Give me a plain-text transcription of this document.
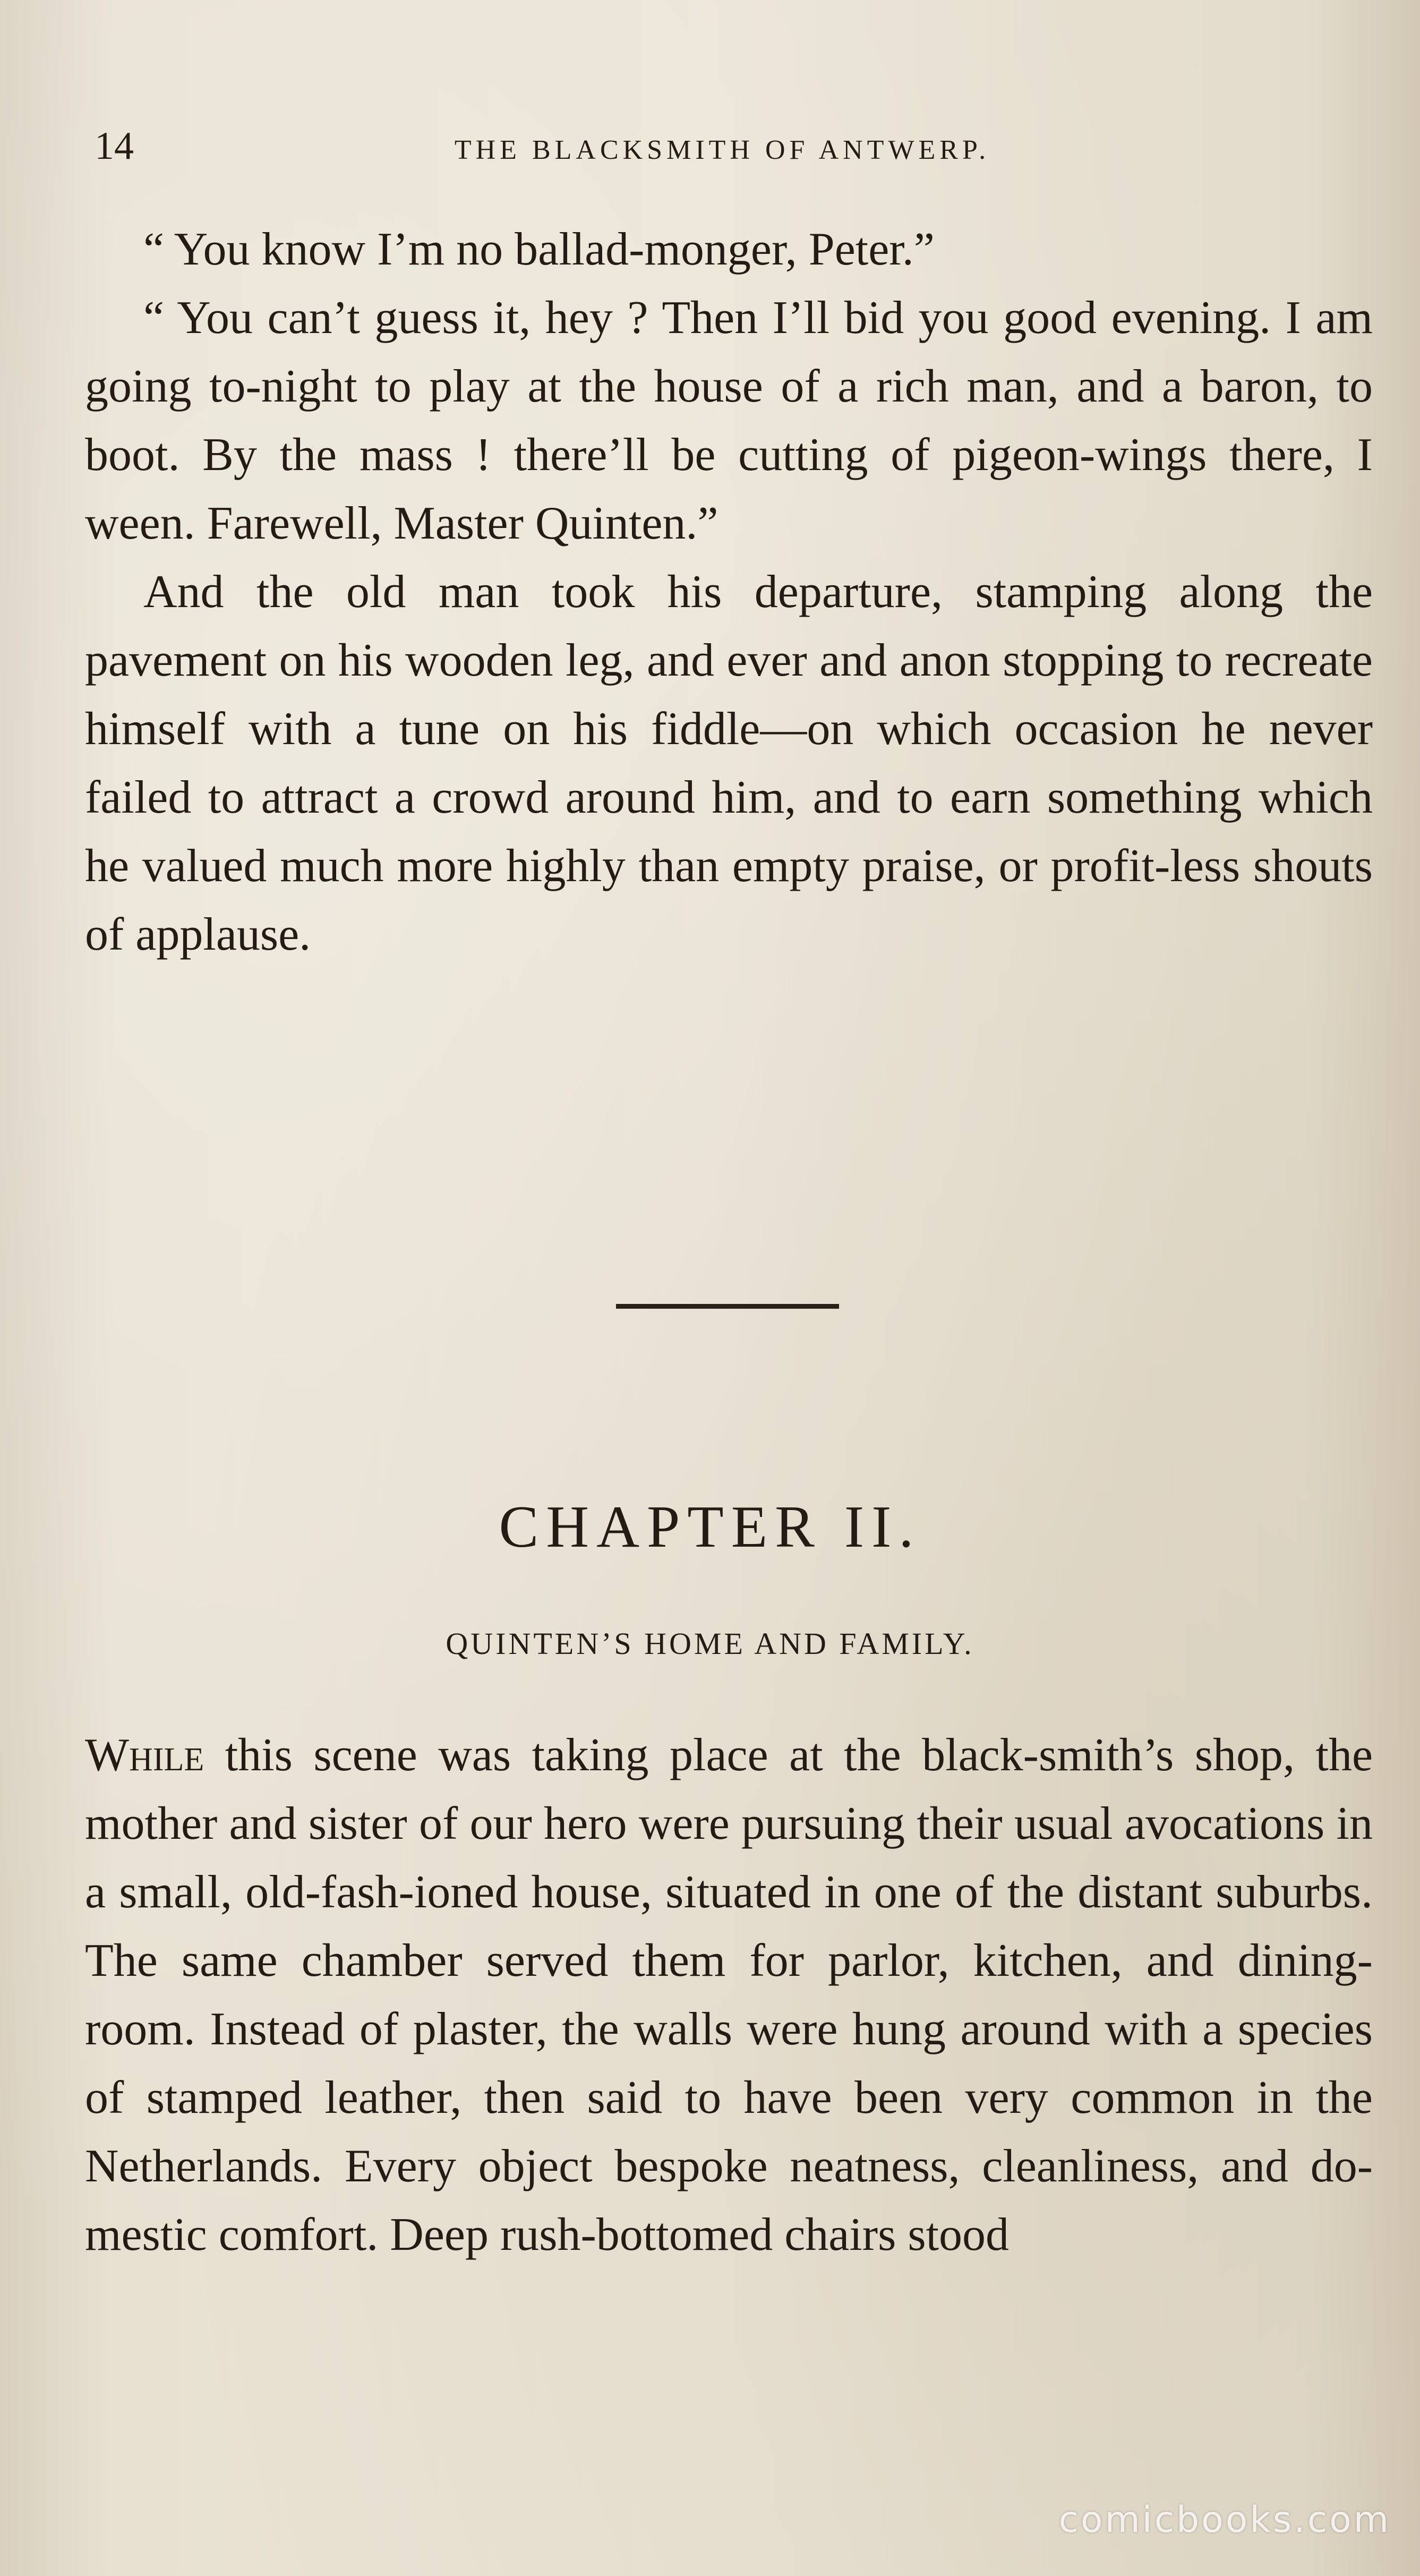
14	THE BLACKSMITH OF ANTWERP.

“ You know I’m no ballad-monger, Peter.”

“ You can’t guess it, hey ? Then I’ll bid you good evening. I am going to-night to play at the house of a rich man, and a baron, to boot. By the mass ! there’ll be cutting of pigeon-wings there, I ween. Farewell, Master Quinten.”

And the old man took his departure, stamping along the pavement on his wooden leg, and ever and anon stopping to recreate himself with a tune on his fiddle—on which occasion he never failed to attract a crowd around him, and to earn something which he valued much more highly than empty praise, or profit-less shouts of applause.

CHAPTER II.
QUINTEN’S HOME AND FAMILY.

While this scene was taking place at the black-smith’s shop, the mother and sister of our hero were pursuing their usual avocations in a small, old-fash-ioned house, situated in one of the distant suburbs. The same chamber served them for parlor, kitchen, and dining-room. Instead of plaster, the walls were hung around with a species of stamped leather, then said to have been very common in the Netherlands. Every object bespoke neatness, cleanliness, and do-mestic comfort. Deep rush-bottomed chairs stood

comicbooks.com
